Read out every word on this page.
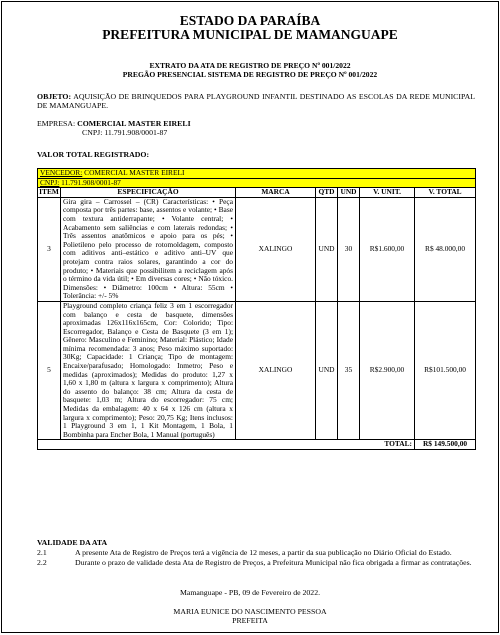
ESTADO DA PARAÍBA
PREFEITURA MUNICIPAL DE MAMANGUAPE
EXTRATO DA ATA DE REGISTRO DE PREÇO Nº 001/2022
PREGÃO PRESENCIAL SISTEMA DE REGISTRO DE PREÇO Nº 001/2022
OBJETO: AQUISIÇÃO DE BRINQUEDOS PARA PLAYGROUND INFANTIL DESTINADO AS ESCOLAS DA REDE MUNICIPAL DE MAMANGUAPE.
EMPRESA: COMERCIAL MASTER EIRELI
CNPJ: 11.791.908/0001-87
VALOR TOTAL REGISTRADO:
VENCEDOR: COMERCIAL MASTER EIRELI						
CNPJ: 11.791.908/0001-87						
ITEM	ESPECIFICAÇÃO	MARCA	QTD	UND	V. UNIT.	V. TOTAL
3	Gira gira – Carrossel – (CR) Características: • Peça composta por três partes: base, assentos e volante; • Base com textura antiderrapante; • Volante central; • Acabamento sem saliências e com laterais redondas; • Três assentos anatômicos e apoio para os pés; • Polietileno pelo processo de rotomoldagem, composto com aditivos anti–estático e aditivo anti–UV que protejam contra raios solares, garantindo a cor do produto; • Materiais que possibilitem a reciclagem após o término da vida útil; • Em diversas cores; • Não tóxico. Dimensões: • Diâmetro: 100cm • Altura: 55cm • Tolerância: +/- 5%	XALINGO	UND	30	R$1.600,00	R$ 48.000,00
5	Playground completo criança feliz 3 em 1 escorregador com balanço e cesta de basquete, dimensões aproximadas 126x116x165cm, Cor: Colorido; Tipo: Escorregador, Balanço e Cesta de Basquete (3 em 1); Gênero: Masculino e Feminino; Material: Plástico; Idade mínima recomendada: 3 anos; Peso máximo suportado: 30Kg; Capacidade: 1 Criança; Tipo de montagem: Encaixe/parafusado; Homologado: Inmetro; Peso e medidas (aproximados); Medidas do produto: 1,27 x 1,60 x 1,80 m (altura x largura x comprimento); Altura do assento do balanço: 38 cm; Altura da cesta de basquete: 1,03 m; Altura do escorregador: 75 cm; Medidas da embalagem: 40 x 64 x 126 cm (altura x largura x comprimento); Peso: 20,75 Kg; Itens inclusos: 1 Playground 3 em 1, 1 Kit Montagem, 1 Bola, 1 Bombinha para Encher Bola, 1 Manual (português)	XALINGO	UND	35	R$2.900,00	R$101.500,00
TOTAL:						R$ 149.500,00
VALIDADE DA ATA
2.1	A presente Ata de Registro de Preços terá a vigência de 12 meses, a partir da sua publicação no Diário Oficial do Estado.
2.2	Durante o prazo de validade desta Ata de Registro de Preços, a Prefeitura Municipal não fica obrigada a firmar as contratações.
Mamanguape - PB, 09 de Fevereiro de 2022.
MARIA EUNICE DO NASCIMENTO PESSOA
PREFEITA
